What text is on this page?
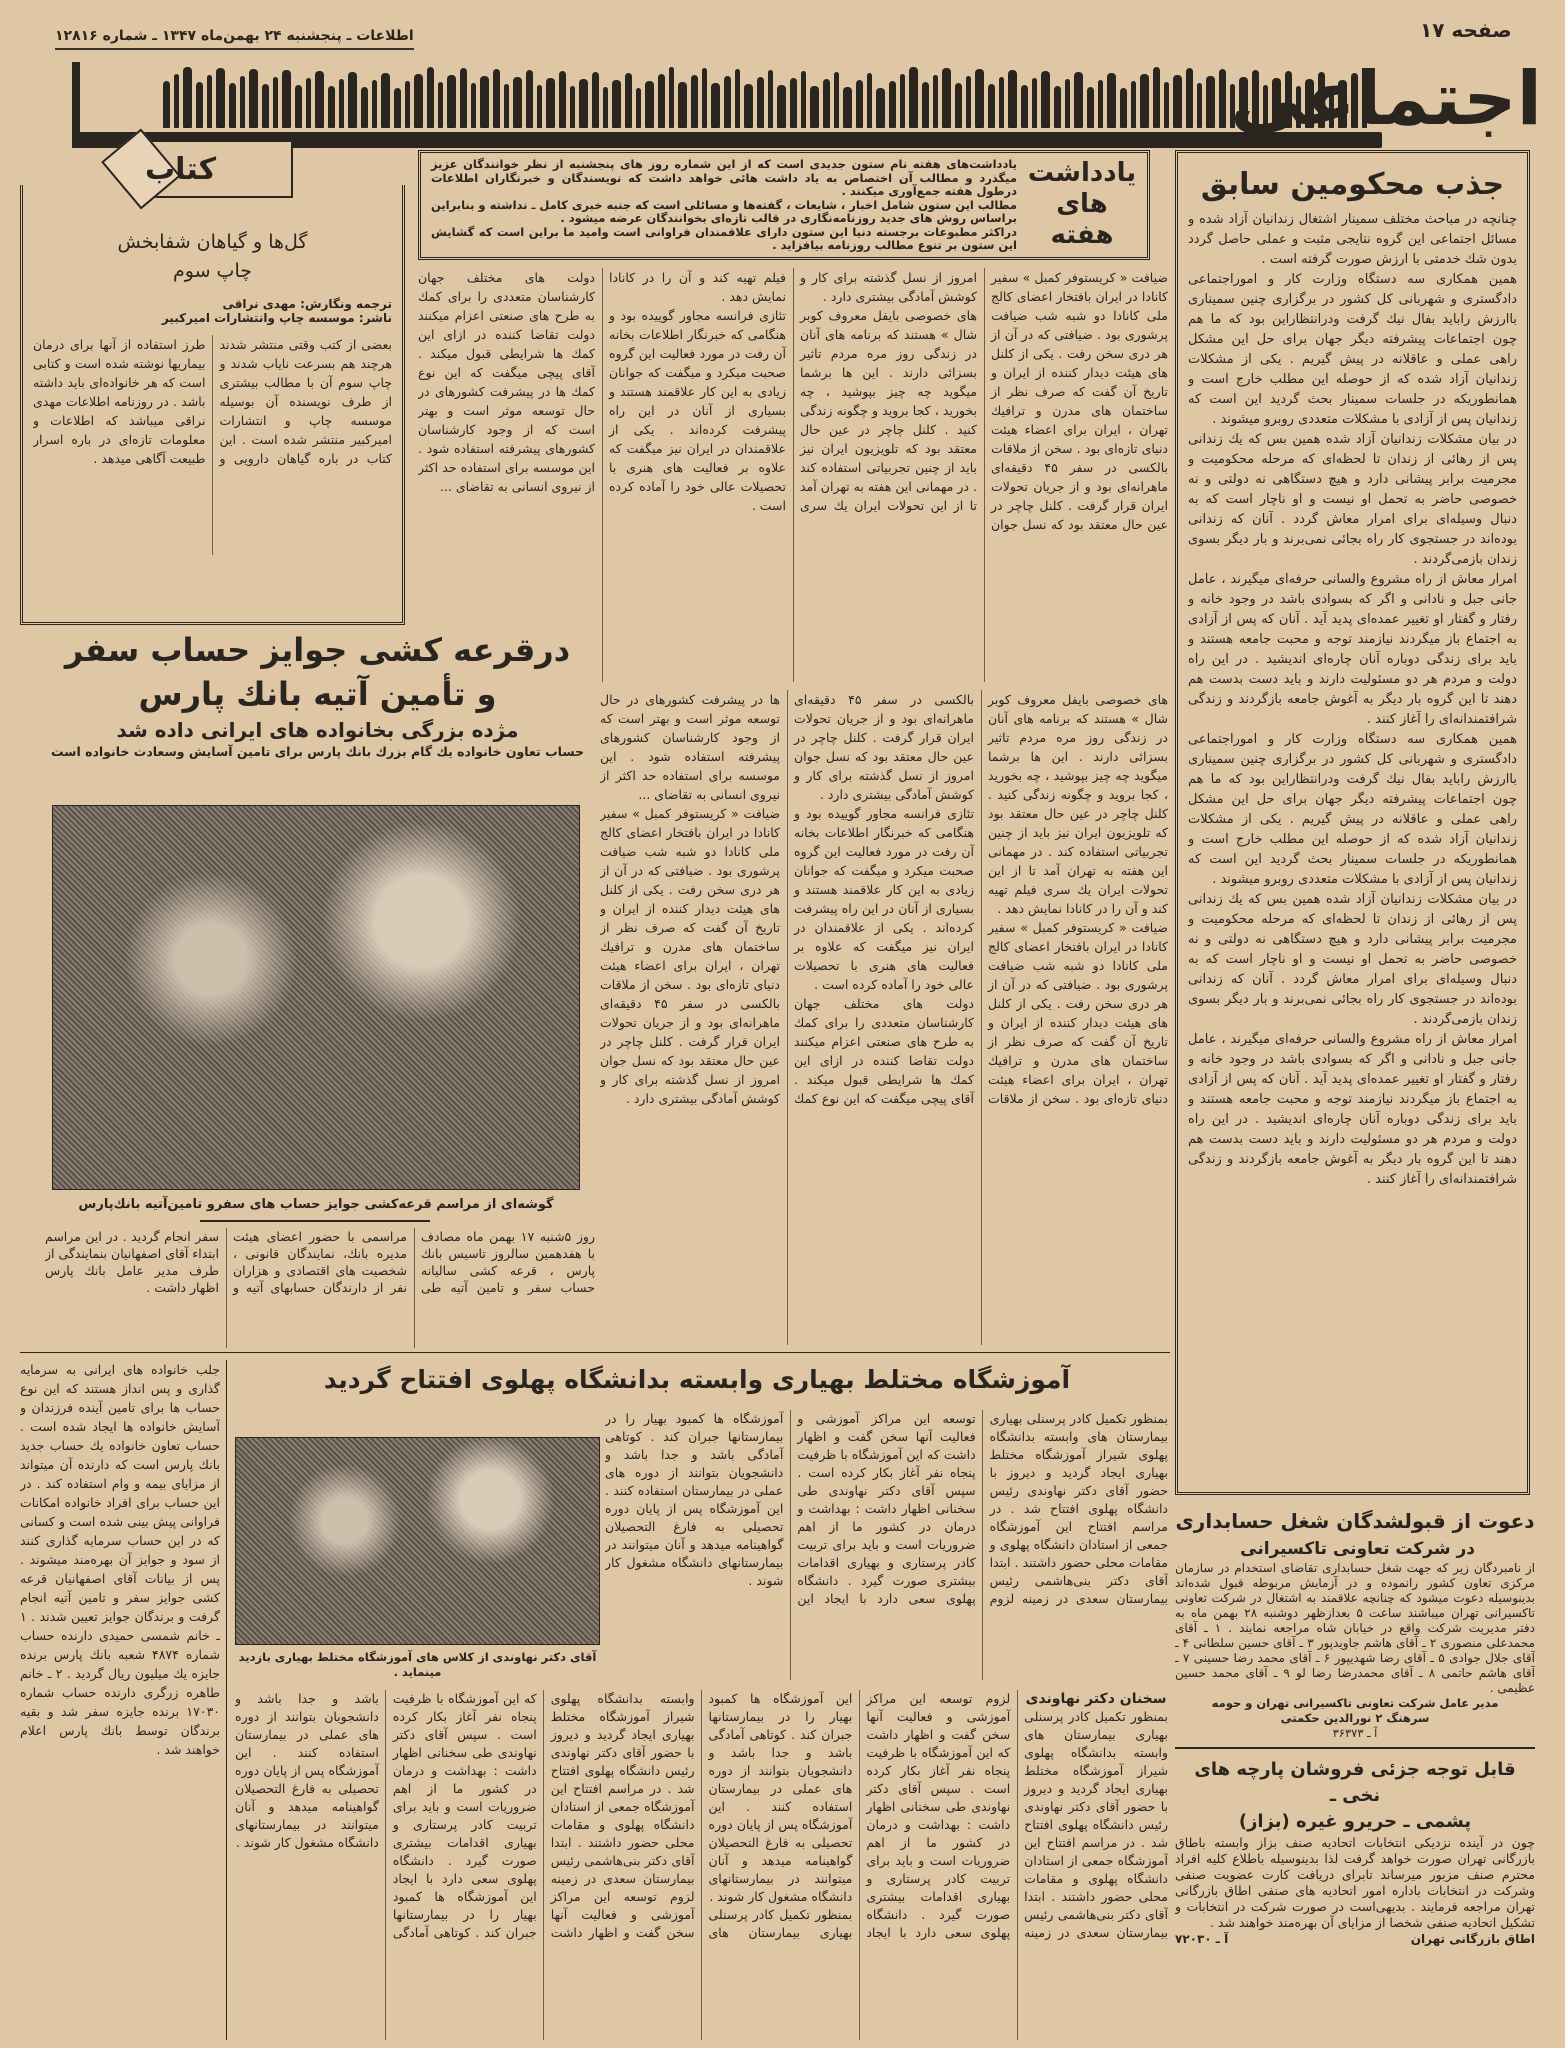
اطلاعات ـ پنجشنبه ۲۴ بهمن‌ماه ۱۳۴۷ ـ شماره ۱۲۸۱۶	صفحه ۱۷
اجتماعی
یادداشت
های
هفته

یادداشت‌های هفته نام ستون جدیدی است که از این شماره روز های پنجشنبه از نظر خوانندگان عزیز میگذرد و مطالب آن اختصاص به یاد داشت هائی خواهد داشت که نویسندگان و خبرنگاران اطلاعات درطول هفته جمع‌آوری میکنند .

مطالب این ستون شامل اخبار ، شایعات ، گفته‌ها و مسائلی است که جنبه خبری کامل ـ نداشته و بنابراین براساس روش‌ های جدید روزنامه‌نگاری در قالب تازه‌ای بخوانندگان عرضه میشود .

دراکثر مطبوعات برجسته دنیا این ستون دارای علاقمندان فراوانی است وامید ما براین است که گشایش این ستون بر تنوع مطالب روزنامه بیافزاید .

جذب محکومین سابق

چنانچه در مباحث مختلف سمینار اشتغال زندانیان آزاد شده و مسائل اجتماعی این گروه نتایجی مثبت و عملی حاصل گردد بدون شك خدمتی با ارزش صورت گرفته است .

همین همکاری سه دستگاه وزارت کار و اموراجتماعی دادگستری و شهربانی کل کشور در برگزاری چنین سمیناری باارزش رابايد بفال نیك گرفت ودرانتظاراین بود که ما هم چون اجتماعات پیشرفته دیگر جهان برای حل این مشکل راهی عملی و عاقلانه در پیش گیریم . یکی از مشکلات زندانیان آزاد شده که از حوصله این مطلب خارج است و همانطوریکه در جلسات سمینار بحث گردید این است که زندانیان پس از آزادی با مشکلات متعددی روبرو میشوند .

در بیان مشکلات زندانیان آزاد شده همین بس که یك زندانی پس از رهائی از زندان تا لحظه‌ای که مرحله محکومیت و مجرمیت برابر پیشانی دارد و هیچ دستگاهی نه دولتی و نه خصوصی حاضر به تحمل او نیست و او ناچار است که به دنبال وسیله‌ای برای امرار معاش گردد . آنان که زندانی بوده‌اند در جستجوی کار راه بجائی نمی‌برند و بار دیگر بسوی زندان بازمی‌گردند .

امرار معاش از راه مشروع والسانی حرفه‌ای میگیرند ، عامل جانی جبل و نادانی و اگر که بسوادی باشد در وجود خانه و رفتار و گفتار او تغییر عمده‌ای پدید آید . آنان که پس از آزادی به اجتماع باز میگردند نیازمند توجه و محبت جامعه هستند و باید برای زندگی دوباره آنان چاره‌ای اندیشید . در این راه دولت و مردم هر دو مسئولیت دارند و باید دست بدست هم دهند تا این گروه بار دیگر به آغوش جامعه بازگردند و زندگی شرافتمندانه‌ای را آغاز کنند .

همین همکاری سه دستگاه وزارت کار و اموراجتماعی دادگستری و شهربانی کل کشور در برگزاری چنین سمیناری باارزش رابايد بفال نیك گرفت ودرانتظاراین بود که ما هم چون اجتماعات پیشرفته دیگر جهان برای حل این مشکل راهی عملی و عاقلانه در پیش گیریم . یکی از مشکلات زندانیان آزاد شده که از حوصله این مطلب خارج است و همانطوریکه در جلسات سمینار بحث گردید این است که زندانیان پس از آزادی با مشکلات متعددی روبرو میشوند .

در بیان مشکلات زندانیان آزاد شده همین بس که یك زندانی پس از رهائی از زندان تا لحظه‌ای که مرحله محکومیت و مجرمیت برابر پیشانی دارد و هیچ دستگاهی نه دولتی و نه خصوصی حاضر به تحمل او نیست و او ناچار است که به دنبال وسیله‌ای برای امرار معاش گردد . آنان که زندانی بوده‌اند در جستجوی کار راه بجائی نمی‌برند و بار دیگر بسوی زندان بازمی‌گردند .

امرار معاش از راه مشروع والسانی حرفه‌ای میگیرند ، عامل جانی جبل و نادانی و اگر که بسوادی باشد در وجود خانه و رفتار و گفتار او تغییر عمده‌ای پدید آید . آنان که پس از آزادی به اجتماع باز میگردند نیازمند توجه و محبت جامعه هستند و باید برای زندگی دوباره آنان چاره‌ای اندیشید . در این راه دولت و مردم هر دو مسئولیت دارند و باید دست بدست هم دهند تا این گروه بار دیگر به آغوش جامعه بازگردند و زندگی شرافتمندانه‌ای را آغاز کنند .

کتاب
گل‌ها و گیاهان شفابخش
چاپ سوم
ترجمه ونگارش: مهدی نراقی
ناشر: موسسه چاپ وانتشارات امیرکبیر
بعضی از کتب وقتی منتشر شدند هرچند هم بسرعت نایاب شدند و چاپ سوم آن با مطالب بیشتری از طرف نویسنده آن بوسیله موسسه چاپ و انتشارات امیرکبیر منتشر شده است . این کتاب در باره گیاهان دارویی و طرز استفاده از آنها برای درمان بیماریها نوشته شده است و کتابی است که هر خانواده‌ای باید داشته باشد . در روزنامه اطلاعات مهدی نراقی میباشد که اطلاعات و معلومات تازه‌ای در باره اسرار طبیعت آگاهی میدهد .

ضیافت « کریستوفر کمبل » سفیر کانادا در ایران بافتخار اعضای کالج ملی کانادا دو شبه شب ضیافت پرشوری بود . ضیافتی که در آن از هر دری سخن رفت . یکی از کلنل های هیئت دیدار کننده از ایران و تاریخ آن گفت که صرف نظر از ساختمان های مدرن و ترافیك تهران ، ایران برای اعضاء هیئت دنیای تازه‌ای بود . سخن از ملاقات بالکسی در سفر ۴۵ دقیقه‌ای ماهرانه‌ای بود و از جریان تحولات ایران قرار گرفت . کلنل چاچر در عین حال معتقد بود که نسل جوان امروز از نسل گذشته برای کار و کوشش آمادگی بیشتری دارد .

های خصوصی بایفل معروف کوبر شال » هستند که برنامه های آنان در زندگی روز مره مردم تاثیر بسزائی دارند . این ها برشما میگوید چه چیز بپوشید ، چه بخورید ، کجا بروید و چگونه زندگی کنید . کلنل چاچر در عین حال معتقد بود که تلویزیون ایران نیز باید از چنین تجربیاتی استفاده کند . در مهمانی این هفته به تهران آمد تا از این تحولات ایران یك سری فیلم تهیه کند و آن را در کانادا نمایش دهد .

تئازی فرانسه مجاور گوییده بود و هنگامی که خبرنگار اطلاعات بخانه آن رفت در مورد فعالیت این گروه صحبت میکرد و میگفت که جوانان زیادی به این کار علاقمند هستند و بسیاری از آنان در این راه پیشرفت کرده‌اند . یکی از علاقمندان در ایران نیز میگفت که علاوه بر فعالیت های هنری با تحصیلات عالی خود را آماده کرده است .

دولت های مختلف جهان کارشناسان متعددی را برای کمك به طرح های صنعتی اعزام میکنند دولت تقاضا کننده در ازای این کمك ها شرایطی قبول میکند . آقای پیچی میگفت که این نوع کمك ها در پیشرفت کشورهای در حال توسعه موثر است و بهتر است که از وجود کارشناسان کشورهای پیشرفته استفاده شود . این موسسه برای استفاده حد اکثر از نیروی انسانی به تقاضای ...

های خصوصی بایفل معروف کوبر شال » هستند که برنامه های آنان در زندگی روز مره مردم تاثیر بسزائی دارند . این ها برشما میگوید چه چیز بپوشید ، چه بخورید ، کجا بروید و چگونه زندگی کنید . کلنل چاچر در عین حال معتقد بود که تلویزیون ایران نیز باید از چنین تجربیاتی استفاده کند . در مهمانی این هفته به تهران آمد تا از این تحولات ایران یك سری فیلم تهیه کند و آن را در کانادا نمایش دهد .

ضیافت « کریستوفر کمبل » سفیر کانادا در ایران بافتخار اعضای کالج ملی کانادا دو شبه شب ضیافت پرشوری بود . ضیافتی که در آن از هر دری سخن رفت . یکی از کلنل های هیئت دیدار کننده از ایران و تاریخ آن گفت که صرف نظر از ساختمان های مدرن و ترافیك تهران ، ایران برای اعضاء هیئت دنیای تازه‌ای بود . سخن از ملاقات بالکسی در سفر ۴۵ دقیقه‌ای ماهرانه‌ای بود و از جریان تحولات ایران قرار گرفت . کلنل چاچر در عین حال معتقد بود که نسل جوان امروز از نسل گذشته برای کار و کوشش آمادگی بیشتری دارد .

تئازی فرانسه مجاور گوییده بود و هنگامی که خبرنگار اطلاعات بخانه آن رفت در مورد فعالیت این گروه صحبت میکرد و میگفت که جوانان زیادی به این کار علاقمند هستند و بسیاری از آنان در این راه پیشرفت کرده‌اند . یکی از علاقمندان در ایران نیز میگفت که علاوه بر فعالیت های هنری با تحصیلات عالی خود را آماده کرده است .

دولت های مختلف جهان کارشناسان متعددی را برای کمك به طرح های صنعتی اعزام میکنند دولت تقاضا کننده در ازای این کمك ها شرایطی قبول میکند . آقای پیچی میگفت که این نوع کمك ها در پیشرفت کشورهای در حال توسعه موثر است و بهتر است که از وجود کارشناسان کشورهای پیشرفته استفاده شود . این موسسه برای استفاده حد اکثر از نیروی انسانی به تقاضای ...

ضیافت « کریستوفر کمبل » سفیر کانادا در ایران بافتخار اعضای کالج ملی کانادا دو شبه شب ضیافت پرشوری بود . ضیافتی که در آن از هر دری سخن رفت . یکی از کلنل های هیئت دیدار کننده از ایران و تاریخ آن گفت که صرف نظر از ساختمان های مدرن و ترافیك تهران ، ایران برای اعضاء هیئت دنیای تازه‌ای بود . سخن از ملاقات بالکسی در سفر ۴۵ دقیقه‌ای ماهرانه‌ای بود و از جریان تحولات ایران قرار گرفت . کلنل چاچر در عین حال معتقد بود که نسل جوان امروز از نسل گذشته برای کار و کوشش آمادگی بیشتری دارد .

درقرعه کشی جوایز حساب سفر
و تأمین آتیه بانك پارس
مژده بزرگی بخانواده های ایرانی داده شد
حساب تعاون خانواده یك گام بزرك بانك پارس برای تامین آسایش وسعادت خانواده است
گوشه‌ای از مراسم قرعه‌کشی جوایز حساب های سفرو تامین‌آتیه بانك‌پارس
روز ۵شنبه ۱۷ بهمن ماه مصادف با هفدهمین سالروز تاسیس بانك پارس ، قرعه کشی سالیانه حساب سفر و تامین آتیه طی مراسمی با حضور اعضای هیئت مدیره بانك، نمایندگان قانونی ، شخصیت های اقتصادی و هزاران نفر از دارندگان حسابهای آتیه و سفر انجام گردید . در این مراسم ابتداء آقای اصفهانیان بنمایندگی از طرف مدیر عامل بانك پارس اظهار داشت .
آموزشگاه مختلط بهیاری وابسته بدانشگاه پهلوی افتتاح گردید
جلب خانواده های ایرانی به سرمایه گذاری و پس انداز هستند که این نوع حساب ها برای تامین آینده فرزندان و آسایش خانواده ها ایجاد شده است . حساب تعاون خانواده یك حساب جدید بانك پارس است که دارنده آن میتواند از مزایای بیمه و وام استفاده کند . در این حساب برای افراد خانواده امکانات فراوانی پیش بینی شده است و کسانی که در این حساب سرمایه گذاری کنند از سود و جوایز آن بهره‌مند میشوند . پس از بیانات آقای اصفهانیان قرعه کشی جوایز سفر و تامین آتیه انجام گرفت و برندگان جوایز تعیین شدند . ۱ ـ خانم شمسی حمیدی دارنده حساب شماره ۴۸۷۴ شعبه بانك پارس برنده جایزه یك میلیون ریال گردید . ۲ ـ خانم طاهره زرگری دارنده حساب شماره ۱۷۰۳۰ برنده جایزه سفر شد و بقیه برندگان توسط بانك پارس اعلام خواهند شد .
آقای دکتر نهاوندی از کلاس های آموزشگاه مختلط بهیاری بازدید مینماید .

بمنظور تکمیل کادر پرسنلی بهیاری بیمارستان های وابسته بدانشگاه پهلوی شیراز آموزشگاه مختلط بهیاری ایجاد گردید و دیروز با حضور آقای دکتر نهاوندی رئیس دانشگاه پهلوی افتتاح شد . در مراسم افتتاح این آموزشگاه جمعی از استادان دانشگاه پهلوی و مقامات محلی حضور داشتند . ابتدا آقای دکتر بنی‌هاشمی رئیس بیمارستان سعدی در زمینه لزوم توسعه این مراکز آموزشی و فعالیت آنها سخن گفت و اظهار داشت که این آموزشگاه با ظرفیت پنجاه نفر آغاز بکار کرده است . سپس آقای دکتر نهاوندی طی سخنانی اظهار داشت : بهداشت و درمان در کشور ما از اهم ضروریات است و باید برای تربیت کادر پرستاری و بهیاری اقدامات بیشتری صورت گیرد . دانشگاه پهلوی سعی دارد با ایجاد این آموزشگاه ها کمبود بهیار را در بیمارستانها جبران کند . کوتاهی آمادگی باشد و جدا باشد و دانشجویان بتوانند از دوره های عملی در بیمارستان استفاده کنند . این آموزشگاه پس از پایان دوره تحصیلی به فارغ التحصیلان گواهینامه میدهد و آنان میتوانند در بیمارستانهای دانشگاه مشغول کار شوند .

سخنان دکتر نهاوندی

بمنظور تکمیل کادر پرسنلی بهیاری بیمارستان های وابسته بدانشگاه پهلوی شیراز آموزشگاه مختلط بهیاری ایجاد گردید و دیروز با حضور آقای دکتر نهاوندی رئیس دانشگاه پهلوی افتتاح شد . در مراسم افتتاح این آموزشگاه جمعی از استادان دانشگاه پهلوی و مقامات محلی حضور داشتند . ابتدا آقای دکتر بنی‌هاشمی رئیس بیمارستان سعدی در زمینه لزوم توسعه این مراکز آموزشی و فعالیت آنها سخن گفت و اظهار داشت که این آموزشگاه با ظرفیت پنجاه نفر آغاز بکار کرده است . سپس آقای دکتر نهاوندی طی سخنانی اظهار داشت : بهداشت و درمان در کشور ما از اهم ضروریات است و باید برای تربیت کادر پرستاری و بهیاری اقدامات بیشتری صورت گیرد . دانشگاه پهلوی سعی دارد با ایجاد این آموزشگاه ها کمبود بهیار را در بیمارستانها جبران کند . کوتاهی آمادگی باشد و جدا باشد و دانشجویان بتوانند از دوره های عملی در بیمارستان استفاده کنند . این آموزشگاه پس از پایان دوره تحصیلی به فارغ التحصیلان گواهینامه میدهد و آنان میتوانند در بیمارستانهای دانشگاه مشغول کار شوند .

بمنظور تکمیل کادر پرسنلی بهیاری بیمارستان های وابسته بدانشگاه پهلوی شیراز آموزشگاه مختلط بهیاری ایجاد گردید و دیروز با حضور آقای دکتر نهاوندی رئیس دانشگاه پهلوی افتتاح شد . در مراسم افتتاح این آموزشگاه جمعی از استادان دانشگاه پهلوی و مقامات محلی حضور داشتند . ابتدا آقای دکتر بنی‌هاشمی رئیس بیمارستان سعدی در زمینه لزوم توسعه این مراکز آموزشی و فعالیت آنها سخن گفت و اظهار داشت که این آموزشگاه با ظرفیت پنجاه نفر آغاز بکار کرده است . سپس آقای دکتر نهاوندی طی سخنانی اظهار داشت : بهداشت و درمان در کشور ما از اهم ضروریات است و باید برای تربیت کادر پرستاری و بهیاری اقدامات بیشتری صورت گیرد . دانشگاه پهلوی سعی دارد با ایجاد این آموزشگاه ها کمبود بهیار را در بیمارستانها جبران کند . کوتاهی آمادگی باشد و جدا باشد و دانشجویان بتوانند از دوره های عملی در بیمارستان استفاده کنند . این آموزشگاه پس از پایان دوره تحصیلی به فارغ التحصیلان گواهینامه میدهد و آنان میتوانند در بیمارستانهای دانشگاه مشغول کار شوند .

دعوت از قبولشدگان شغل حسابداری
در شرکت تعاونی تاکسیرانی
از نامبردگان زیر که جهت شغل حسابداری تقاضای استخدام در سازمان مرکزی تعاون کشور رانموده و در آزمایش مربوطه قبول شده‌اند بدینوسیله دعوت میشود که چنانچه علاقمند به اشتغال در شرکت تعاونی تاکسیرانی تهران میباشند ساعت ۵ بعدازظهر دوشنبه ۲۸ بهمن ماه به دفتر مدیریت شرکت واقع در خیابان شاه مراجعه نمایند . ۱ ـ آقای محمدعلی منصوری ۲ ـ آقای هاشم جاویدپور ۳ ـ آقای حسین سلطانی ۴ ـ آقای جلال جوادی ۵ ـ آقای رضا شهدیپور ۶ ـ آقای محمد رضا حسینی ۷ ـ آقای هاشم حاتمی ۸ ـ آقای محمدرضا رضا لو ۹ ـ آقای محمد حسین عظیمی .
مدیر عامل شرکت تعاونی تاکسیرانی تهران و حومه
سرهنگ ۲ نورالدین حکمتی
آ ـ ۳۶۳۷۳
قابل توجه جزئی فروشان پارچه های نخی ـ
پشمی ـ حریرو غیره (بزاز)
چون در آینده نزدیکی انتخابات اتحادیه صنف بزاز وابسته باطاق بازرگانی تهران صورت خواهد گرفت لذا بدینوسیله باطلاع کلیه افراد محترم صنف مزبور میرساند تابرای دریافت کارت عضویت صنفی وشرکت در انتخابات باداره امور اتحادیه های صنفی اطاق بازرگانی تهران مراجعه فرمایند . بدیهی‌است در صورت شرکت در انتخابات و تشکیل اتحادیه صنفی شخصا از مزایای آن بهره‌مند خواهند شد .
اطاق بازرگانی تهران
آ ـ ۷۲۰۳۰
